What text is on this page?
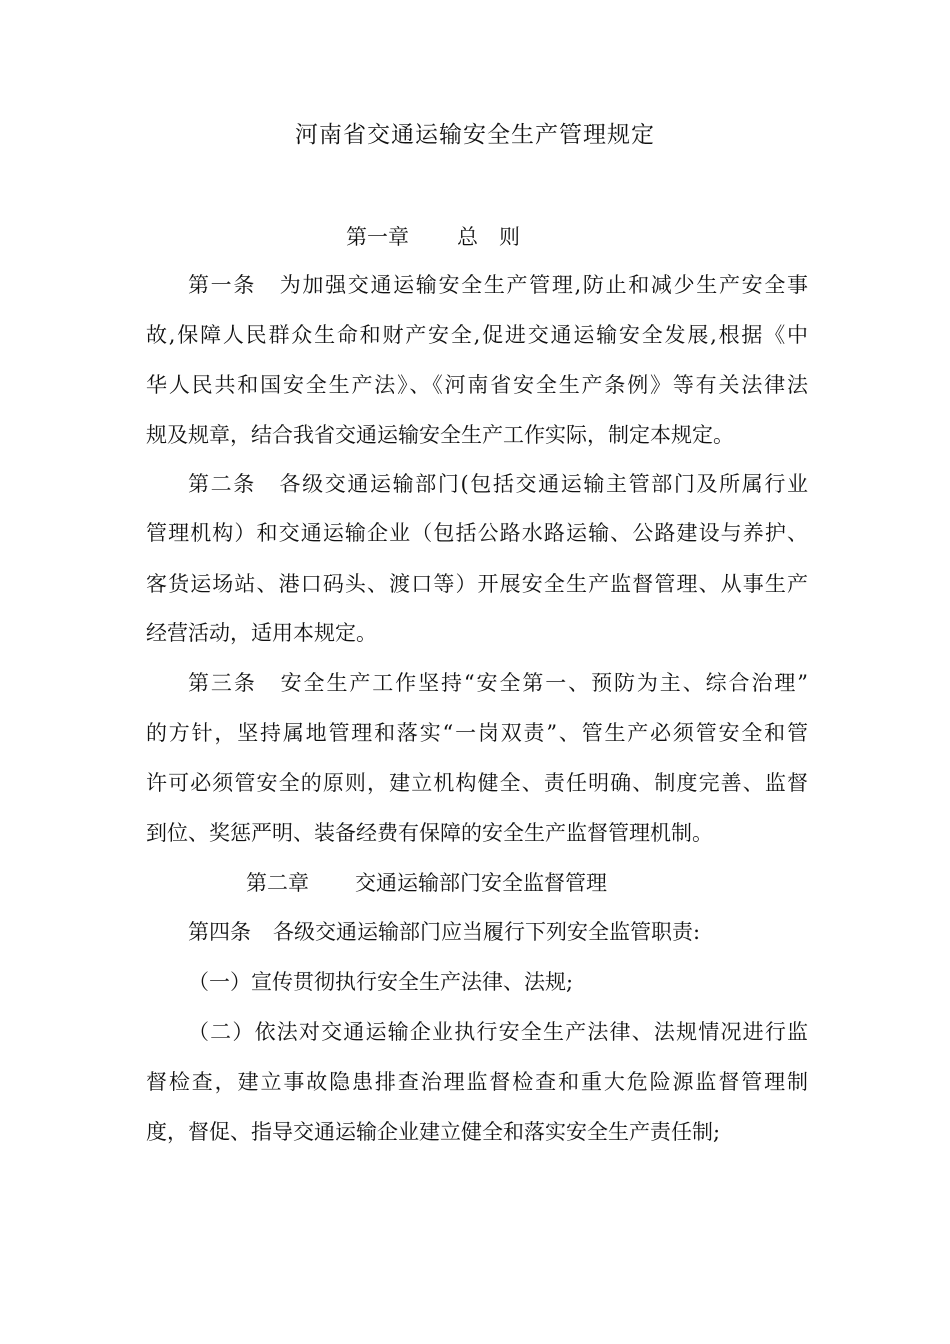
河南省交通运输安全生产管理规定
第一章 总　则
第一条 为加强交通运输安全生产管理,防止和减少生产安全事
故,保障人民群众生命和财产安全,促进交通运输安全发展,根据《中
华人民共和国安全生产法》、《河南省安全生产条例》等有关法律法
规及规章，结合我省交通运输安全生产工作实际，制定本规定。
第二条 各级交通运输部门(包括交通运输主管部门及所属行业
管理机构）和交通运输企业（包括公路水路运输、公路建设与养护、
客货运场站、港口码头、渡口等）开展安全生产监督管理、从事生产
经营活动，适用本规定。
第三条 安全生产工作坚持“安全第一、预防为主、综合治理”
的方针，坚持属地管理和落实“一岗双责”、管生产必须管安全和管
许可必须管安全的原则，建立机构健全、责任明确、制度完善、监督
到位、奖惩严明、装备经费有保障的安全生产监督管理机制。
第二章 交通运输部门安全监督管理
第四条 各级交通运输部门应当履行下列安全监管职责:
（一）宣传贯彻执行安全生产法律、法规;
（二）依法对交通运输企业执行安全生产法律、法规情况进行监
督检查，建立事故隐患排查治理监督检查和重大危险源监督管理制
度，督促、指导交通运输企业建立健全和落实安全生产责任制;
